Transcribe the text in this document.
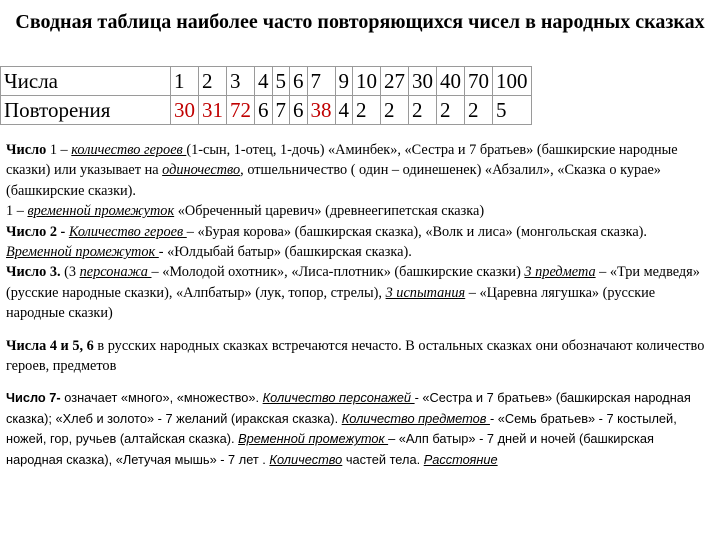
Сводная таблица наиболее часто повторяющихся чисел в народных сказках
Числа	1	2	3	4	5	6	7	9	10	27	30	40	70	100
Повторения	30	31	72	6	7	6	38	4	2	2	2	2	2	5

Число 1 – количество героев (1-сын, 1-отец, 1-дочь) «Аминбек», «Сестра и 7 братьев» (башкирские народные сказки) или указывает на одиночество, отшельничество ( один – одинешенек) «Абзалил», «Сказка о курае» (башкирские сказки).
1 – временной промежуток «Обреченный царевич» (древнеегипетская сказка)

Число 2 - Количество героев – «Бурая корова» (башкирская сказка), «Волк и лиса» (монгольская сказка).
Временной промежуток - «Юлдыбай батыр» (башкирская сказка).

Число 3. (3 персонажа – «Молодой охотник», «Лиса-плотник» (башкирские сказки) 3 предмета – «Три медведя» (русские народные сказки), «Алпбатыр» (лук, топор, стрелы), 3 испытания – «Царевна лягушка» (русские народные сказки)

Числа 4 и 5, 6 в русских народных сказках встречаются нечасто. В остальных сказках они обозначают количество героев, предметов

Число 7- означает «много», «множество». Количество персонажей - «Сестра и 7 братьев» (башкирская народная сказка); «Хлеб и золото» - 7 желаний (иракская сказка). Количество предметов - «Семь братьев» - 7 костылей, ножей, гор, ручьев (алтайская сказка). Временной промежуток – «Алп батыр» - 7 дней и ночей (башкирская народная сказка), «Летучая мышь» - 7 лет . Количество частей тела. Расстояние
